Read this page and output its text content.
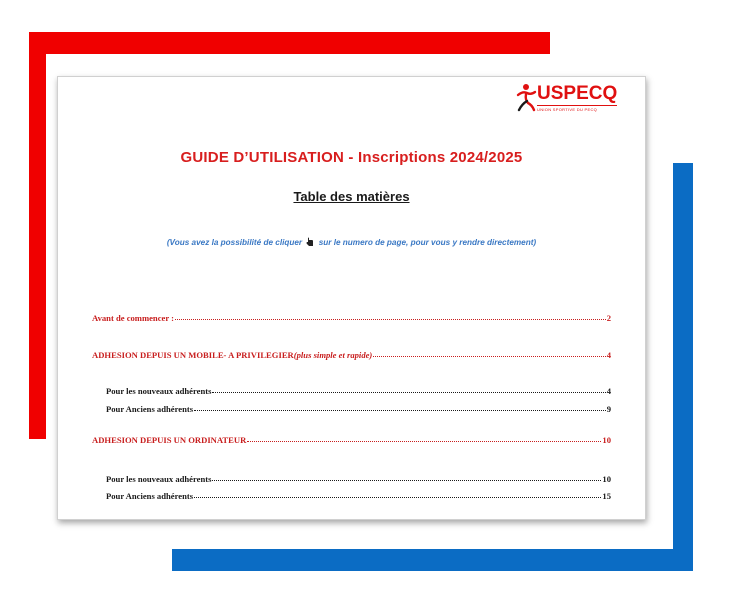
USPECQ
UNION SPORTIVE DU PECQ
GUIDE D’UTILISATION - Inscriptions 2024/2025
Table des matières
(Vous avez la possibilité de cliquer sur le numero de page, pour vous y rendre directement)
Avant de commencer :	2
ADHESION DEPUIS UN MOBILE- A PRIVILEGIER (plus simple et rapide)	4
Pour les nouveaux adhérents	4
Pour Anciens adhérents	9
ADHESION DEPUIS UN ORDINATEUR	10
Pour les nouveaux adhérents	10
Pour Anciens adhérents	15
